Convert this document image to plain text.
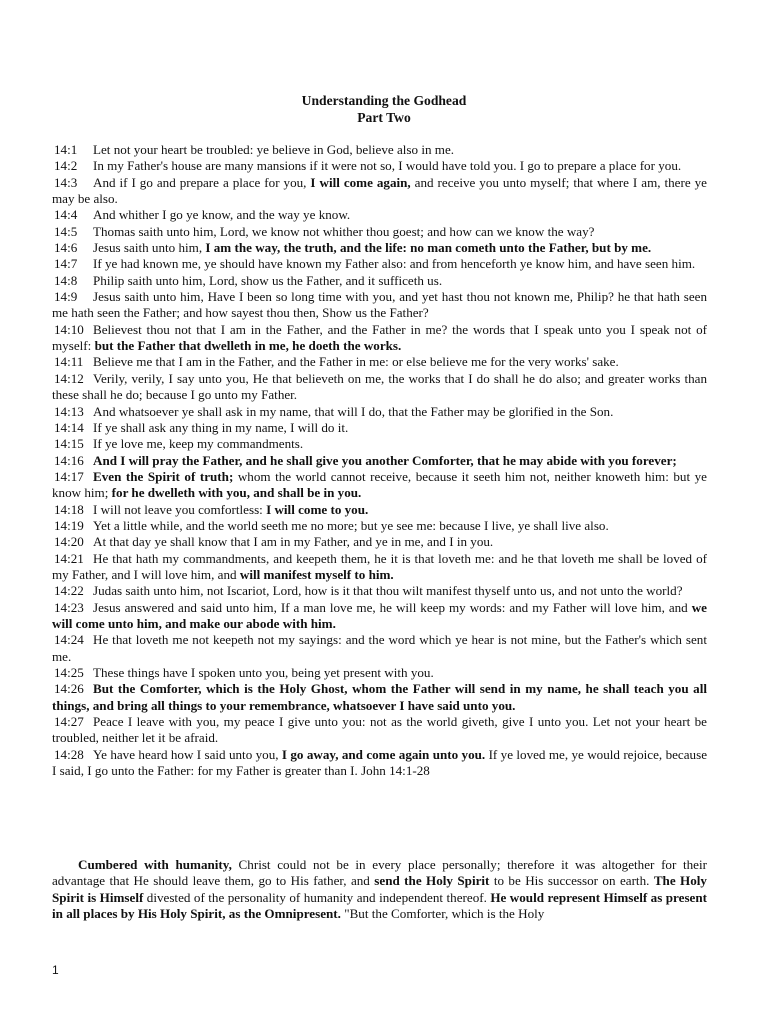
Understanding the Godhead
Part Two

14:1 Let not your heart be troubled: ye believe in God, believe also in me.

14:2 In my Father's house are many mansions if it were not so, I would have told you. I go to prepare a place for you.

14:3 And if I go and prepare a place for you, I will come again, and receive you unto myself; that where I am, there ye may be also.

14:4 And whither I go ye know, and the way ye know.

14:5 Thomas saith unto him, Lord, we know not whither thou goest; and how can we know the way?

14:6 Jesus saith unto him, I am the way, the truth, and the life: no man cometh unto the Father, but by me.

14:7 If ye had known me, ye should have known my Father also: and from henceforth ye know him, and have seen him.

14:8 Philip saith unto him, Lord, show us the Father, and it sufficeth us.

14:9 Jesus saith unto him, Have I been so long time with you, and yet hast thou not known me, Philip? he that hath seen me hath seen the Father; and how sayest thou then, Show us the Father?

14:10 Believest thou not that I am in the Father, and the Father in me? the words that I speak unto you I speak not of myself: but the Father that dwelleth in me, he doeth the works.

14:11 Believe me that I am in the Father, and the Father in me: or else believe me for the very works' sake.

14:12 Verily, verily, I say unto you, He that believeth on me, the works that I do shall he do also; and greater works than these shall he do; because I go unto my Father.

14:13 And whatsoever ye shall ask in my name, that will I do, that the Father may be glorified in the Son.

14:14 If ye shall ask any thing in my name, I will do it.

14:15 If ye love me, keep my commandments.

14:16 And I will pray the Father, and he shall give you another Comforter, that he may abide with you forever;

14:17 Even the Spirit of truth; whom the world cannot receive, because it seeth him not, neither knoweth him: but ye know him; for he dwelleth with you, and shall be in you.

14:18 I will not leave you comfortless: I will come to you.

14:19 Yet a little while, and the world seeth me no more; but ye see me: because I live, ye shall live also.

14:20 At that day ye shall know that I am in my Father, and ye in me, and I in you.

14:21 He that hath my commandments, and keepeth them, he it is that loveth me: and he that loveth me shall be loved of my Father, and I will love him, and will manifest myself to him.

14:22 Judas saith unto him, not Iscariot, Lord, how is it that thou wilt manifest thyself unto us, and not unto the world?

14:23 Jesus answered and said unto him, If a man love me, he will keep my words: and my Father will love him, and we will come unto him, and make our abode with him.

14:24 He that loveth me not keepeth not my sayings: and the word which ye hear is not mine, but the Father's which sent me.

14:25 These things have I spoken unto you, being yet present with you.

14:26 But the Comforter, which is the Holy Ghost, whom the Father will send in my name, he shall teach you all things, and bring all things to your remembrance, whatsoever I have said unto you.

14:27 Peace I leave with you, my peace I give unto you: not as the world giveth, give I unto you. Let not your heart be troubled, neither let it be afraid.

14:28 Ye have heard how I said unto you, I go away, and come again unto you. If ye loved me, ye would rejoice, because I said, I go unto the Father: for my Father is greater than I. John 14:1-28

Cumbered with humanity, Christ could not be in every place personally; therefore it was altogether for their advantage that He should leave them, go to His father, and send the Holy Spirit to be His successor on earth. The Holy Spirit is Himself divested of the personality of humanity and independent thereof. He would represent Himself as present in all places by His Holy Spirit, as the Omnipresent. "But the Comforter, which is the Holy

1
